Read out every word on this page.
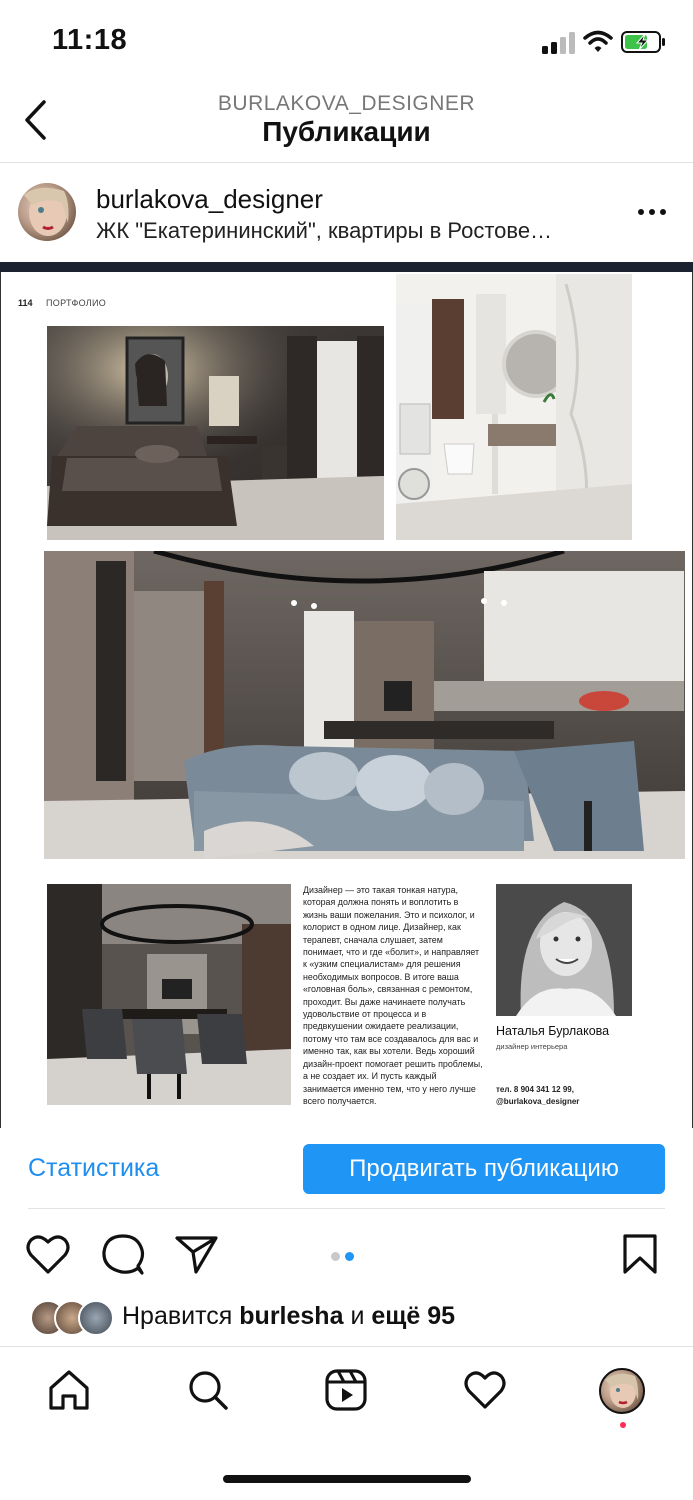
11:18
BURLAKOVA_DESIGNER
Публикации
burlakova_designer
ЖК "Екатерининский", квартиры в Ростове…
114 ПОРТФОЛИО
Дизайнер — это такая тонкая натура, которая должна понять и воплотить в жизнь ваши пожелания. Это и психолог, и колорист в одном лице. Дизайнер, как терапевт, сначала слушает, затем понимает, что и где «болит», и направляет к «узким специалистам» для решения необходимых вопросов. В итоге ваша «головная боль», связанная с ремонтом, проходит. Вы даже начинаете получать удовольствие от процесса и в предвкушении ожидаете реализации, потому что там все создавалось для вас и именно так, как вы хотели. Ведь хороший дизайн-проект помогает решить проблемы, а не создает их. И пусть каждый занимается именно тем, что у него лучше всего получается.
Наталья Бурлакова
дизайнер интерьера
тел. 8 904 341 12 99,
@burlakova_designer
Статистика	Продвигать публикацию
Нравится burlesha и ещё 95
